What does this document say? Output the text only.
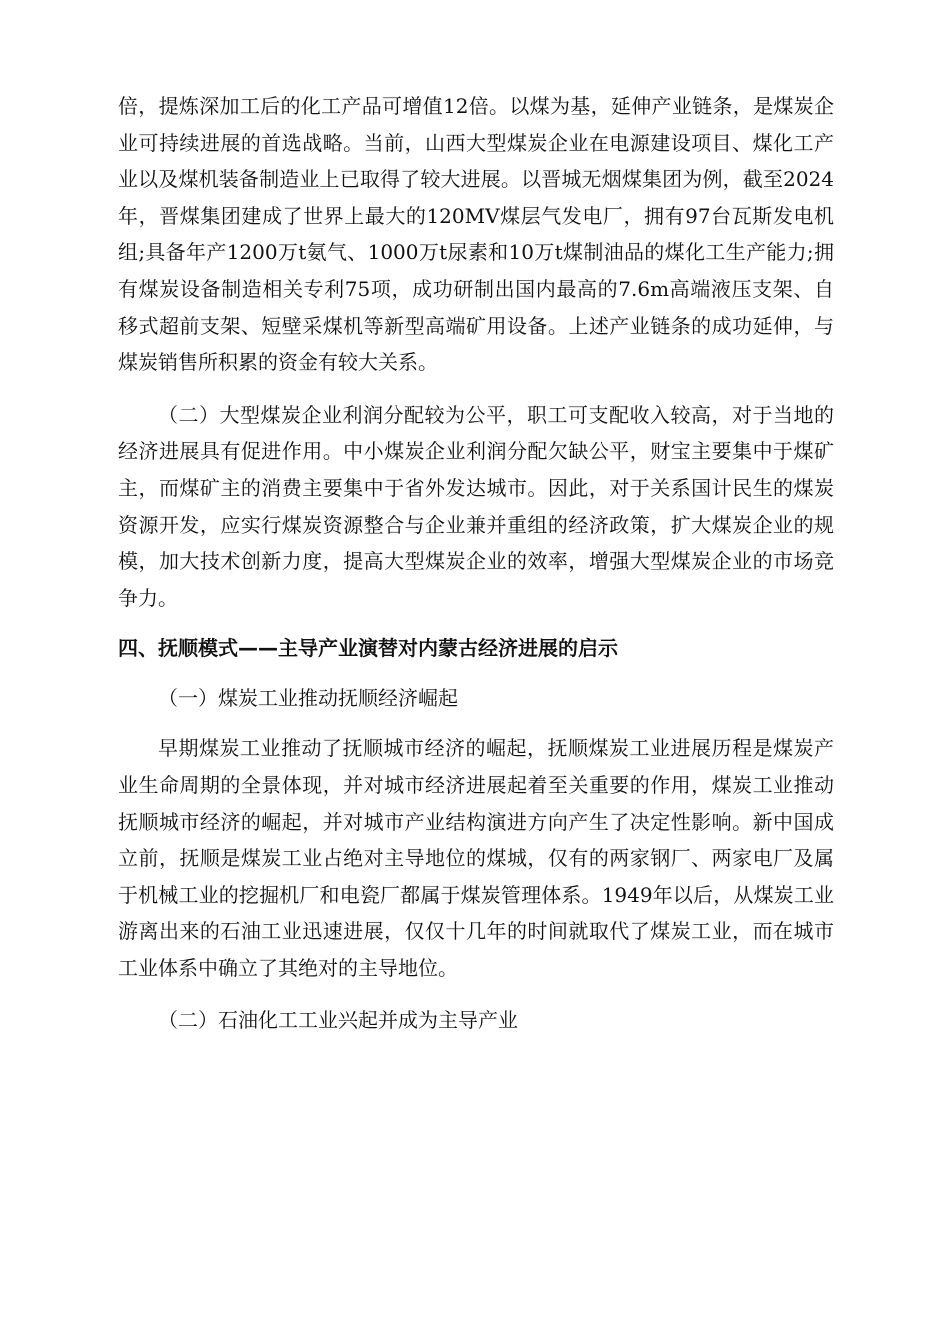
倍，提炼深加工后的化工产品可增值12倍。以煤为基，延伸产业链条，是煤炭企业可持续进展的首选战略。当前，山西大型煤炭企业在电源建设项目、煤化工产业以及煤机装备制造业上已取得了较大进展。以晋城无烟煤集团为例，截至2024年，晋煤集团建成了世界上最大的120MV煤层气发电厂，拥有97台瓦斯发电机组;具备年产1200万t氨气、1000万t尿素和10万t煤制油品的煤化工生产能力;拥有煤炭设备制造相关专利75项，成功研制出国内最高的7.6m高端液压支架、自移式超前支架、短壁采煤机等新型高端矿用设备。上述产业链条的成功延伸，与煤炭销售所积累的资金有较大关系。

（二）大型煤炭企业利润分配较为公平，职工可支配收入较高，对于当地的经济进展具有促进作用。中小煤炭企业利润分配欠缺公平，财宝主要集中于煤矿主，而煤矿主的消费主要集中于省外发达城市。因此，对于关系国计民生的煤炭资源开发，应实行煤炭资源整合与企业兼并重组的经济政策，扩大煤炭企业的规模，加大技术创新力度，提高大型煤炭企业的效率，增强大型煤炭企业的市场竞争力。

四、抚顺模式——主导产业演替对内蒙古经济进展的启示

（一）煤炭工业推动抚顺经济崛起

早期煤炭工业推动了抚顺城市经济的崛起，抚顺煤炭工业进展历程是煤炭产业生命周期的全景体现，并对城市经济进展起着至关重要的作用，煤炭工业推动抚顺城市经济的崛起，并对城市产业结构演进方向产生了决定性影响。新中国成立前，抚顺是煤炭工业占绝对主导地位的煤城，仅有的两家钢厂、两家电厂及属于机械工业的挖掘机厂和电瓷厂都属于煤炭管理体系。1949年以后，从煤炭工业游离出来的石油工业迅速进展，仅仅十几年的时间就取代了煤炭工业，而在城市工业体系中确立了其绝对的主导地位。

（二）石油化工工业兴起并成为主导产业
